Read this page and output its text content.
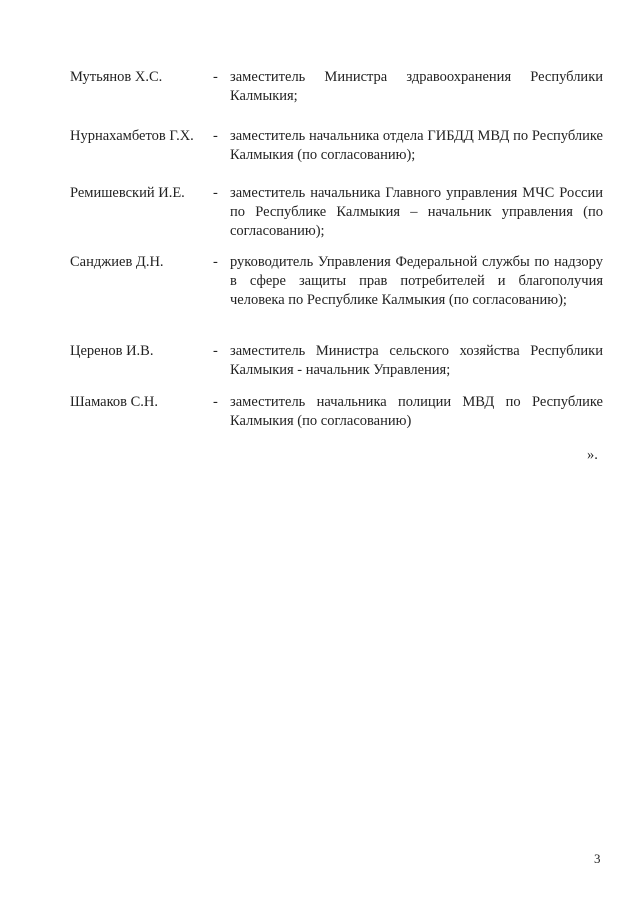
Мутьянов Х.С.	- заместитель Министра здравоохранения Республики Калмыкия;
Нурнахамбетов Г.Х. - заместитель начальника отдела ГИБДД МВД по Республике Калмыкия (по согласованию);
Ремишевский И.Е. - заместитель начальника Главного управления МЧС России по Республике Калмыкия – начальник управления (по согласованию);
Санджиев Д.Н.	- руководитель Управления Федеральной службы по надзору в сфере защиты прав потребителей и благополучия человека по Республике Калмыкия (по согласованию);
Церенов И.В.	- заместитель Министра сельского хозяйства Республики Калмыкия - начальник Управления;
Шамаков С.Н.	- заместитель начальника полиции МВД по Республике Калмыкия (по согласованию)
».
3
